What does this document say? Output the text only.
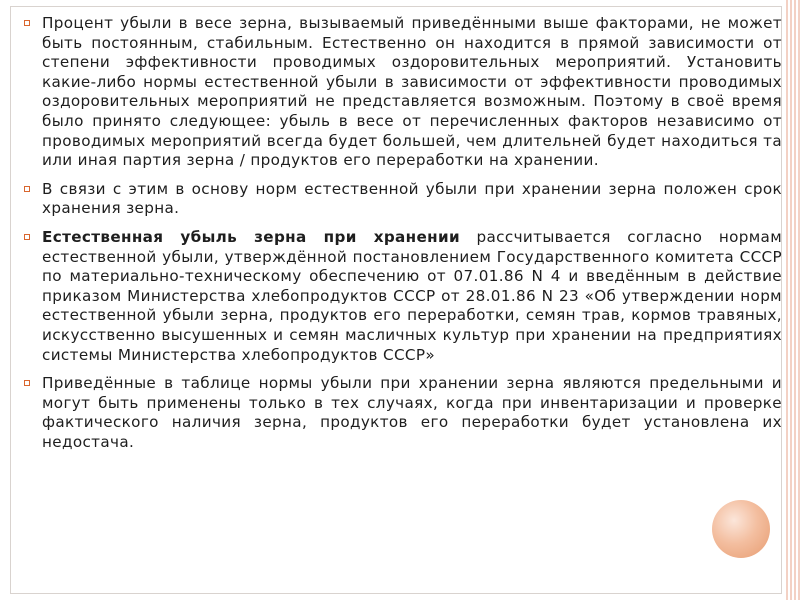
Процент убыли в весе зерна, вызываемый приведёнными выше факторами, не может быть постоянным, стабильным. Естественно он находится в прямой зависимости от степени эффективности проводимых оздоровительных мероприятий. Установить какие-либо нормы естественной убыли в зависимости от эффективности проводимых оздоровительных мероприятий не представляется возможным. Поэтому в своё время было принято следующее: убыль в весе от перечисленных факторов независимо от проводимых мероприятий всегда будет большей, чем длительней будет находиться та или иная партия зерна / продуктов его переработки на хранении.

В связи с этим в основу норм естественной убыли при хранении зерна положен срок хранения зерна.

Естественная убыль зерна при хранении рассчитывается согласно нормам естественной убыли, утверждённой постановлением Государственного комитета СССР по материально-техническому обеспечению от 07.01.86 N 4 и введённым в действие приказом Министерства хлебопродуктов СССР от 28.01.86 N 23 «Об утверждении норм естественной убыли зерна, продуктов его переработки, семян трав, кормов травяных, искусственно высушенных и семян масличных культур при хранении на предприятиях системы Министерства хлебопродуктов СССР»

Приведённые в таблице нормы убыли при хранении зерна являются предельными и могут быть применены только в тех случаях, когда при инвентаризации и проверке фактического наличия зерна, продуктов его переработки будет установлена их недостача.
